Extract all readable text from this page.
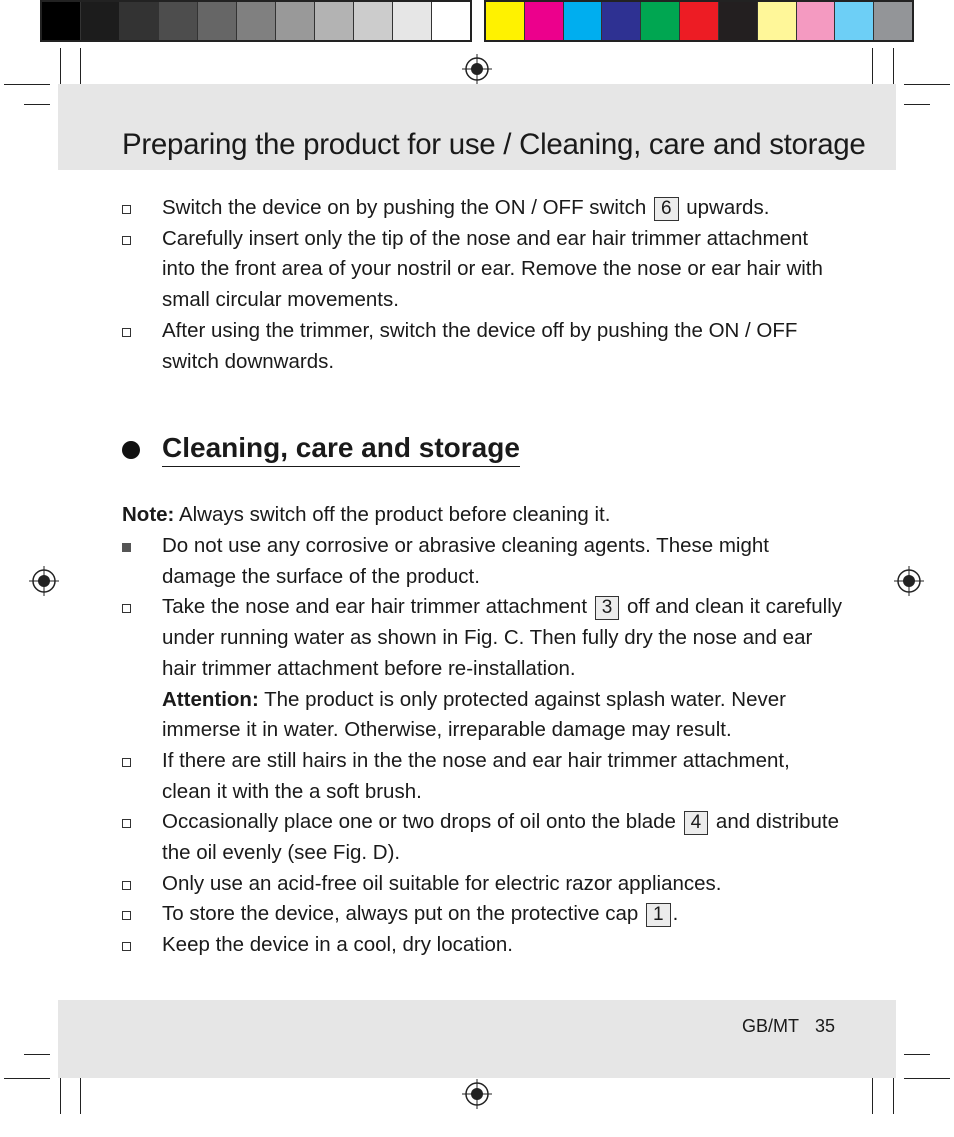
Preparing the product for use / Cleaning, care and storage
Switch the device on by pushing the ON / OFF switch 6 upwards.
Carefully insert only the tip of the nose and ear hair trimmer attachment into the front area of your nostril or ear. Remove the nose or ear hair with small circular movements.
After using the trimmer, switch the device off by pushing the ON / OFF switch downwards.
Cleaning, care and storage
Note: Always switch off the product before cleaning it.
Do not use any corrosive or abrasive cleaning agents. These might damage the surface of the product.
Take the nose and ear hair trimmer attachment 3 off and clean it carefully under running water as shown in Fig. C. Then fully dry the nose and ear hair trimmer attachment before re-installation.
Attention: The product is only protected against splash water. Never immerse it in water. Otherwise, irreparable damage may result.
If there are still hairs in the the nose and ear hair trimmer attachment, clean it with the a soft brush.
Occasionally place one or two drops of oil onto the blade 4 and distribute the oil evenly (see Fig. D).
Only use an acid-free oil suitable for electric razor appliances.
To store the device, always put on the protective cap 1 .
Keep the device in a cool, dry location.
GB/MT 35
